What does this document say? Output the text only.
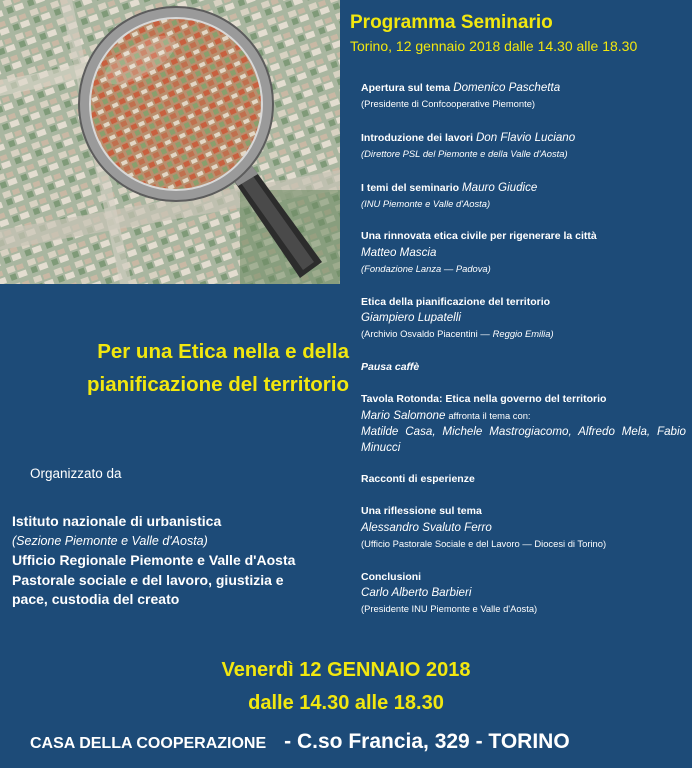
Programma Seminario
Torino, 12 gennaio 2018 dalle 14.30 alle 18.30
Apertura sul tema Domenico Paschetta
(Presidente di Confcooperative Piemonte)
Introduzione dei lavori Don Flavio Luciano
(Direttore PSL del Piemonte e della Valle d'Aosta)
I temi del seminario Mauro Giudice
(INU Piemonte e Valle d'Aosta)
Una rinnovata etica civile per rigenerare la città
Matteo Mascia
(Fondazione Lanza — Padova)
Etica della pianificazione del territorio
Giampiero Lupatelli
(Archivio Osvaldo Piacentini — Reggio Emilia)
Pausa caffè
Tavola Rotonda: Etica nella governo del territorio
Mario Salomone affronta il tema con:

Matilde Casa, Michele Mastrogiacomo, Alfredo Mela, Fabio Minucci
Racconti di esperienze
Una riflessione sul tema
Alessandro Svaluto Ferro
(Ufficio Pastorale Sociale e del Lavoro — Diocesi di Torino)
Conclusioni
Carlo Alberto Barbieri
(Presidente INU Piemonte e Valle d'Aosta)
Per una Etica nella e della
pianificazione del territorio
Organizzato da
Istituto nazionale di urbanistica
(Sezione Piemonte e Valle d'Aosta)
Ufficio Regionale Piemonte e Valle d'Aosta
Pastorale sociale e del lavoro, giustizia e
pace, custodia del creato
Venerdì 12 GENNAIO 2018
dalle 14.30 alle 18.30
CASA DELLA COOPERAZIONE - C.so Francia, 329 - TORINO
